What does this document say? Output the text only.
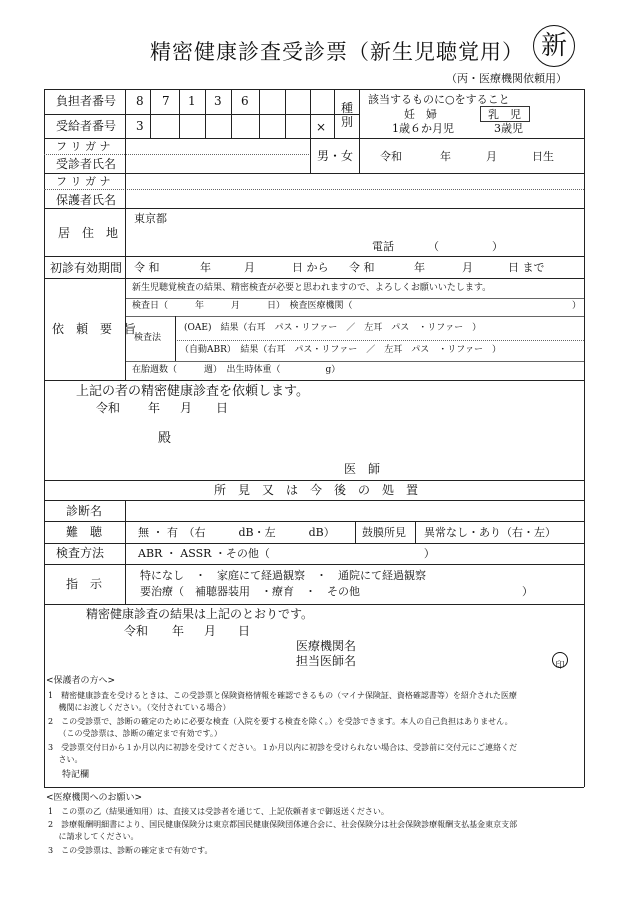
精密健康診査受診票（新生児聴覚用） 新
（丙・医療機関依頼用）
負担者番号 8 7 1 3 6
受給者番号 3	×
種
別
該当するものに○をすること
妊　婦	乳　児
1歳６か月児	3歳児
フ リ ガ ナ
受診者氏名
男・女 令和	年	月	日生
フ リ ガ ナ
保護者氏名
居　住　地
東京都
電話	（	）
初診有効期間 令 和	年	月	日 から 令 和	年	月	日 まで
依　頼　要　旨
新生児聴覚検査の結果、精密検査が必要と思われますので、よろしくお願いいたします。
検査日（　　　年　　　月　　　日）　検査医療機関（	）
検査法
(OAE)　結果（右耳　パス・リファー　／　左耳　パス　・リファー　）
（自動ABR）　結果（右耳　パス・リファー　／　左耳　パス　・リファー　）
在胎週数（　　　週）　出生時体重（　　　　　g）
上記の者の精密健康診査を依頼します。
令和 年 月 日
殿
医　師
所　見　又　は　今　後　の　処　置
診断名
難　聴	無 ・ 有　（右　　　dB・左　　　dB） 鼓膜所見 異常なし・あり（右・左）
検査方法	ABR ・ ASSR ・その他（　　　　　　　　　　　　　　）
指　示
特になし　・　家庭にて経過観察　・　通院にて経過観察
要治療（　補聴器装用　・療育　・　その他	）
精密健康診査の結果は上記のとおりです。
令和 年 月 日
医療機関名
担当医師名	印
<保護者の方へ>
1　精密健康診査を受けるときは、この受診票と保険資格情報を確認できるもの（マイナ保険証、資格確認書等）を紹介された医療
　 機関にお渡しください。（交付されている場合）
2　この受診票で、診断の確定のために必要な検査（入院を要する検査を除く。）を受診できます。本人の自己負担はありません。
　 （この受診票は、診断の確定まで有効です。）
3　受診票交付日から１か月以内に初診を受けてください。１か月以内に初診を受けられない場合は、受診前に交付元にご連絡くだ
　 さい。
特記欄
<医療機関へのお願い>
1　この票の乙（結果通知用）は、直接又は受診者を通じて、上記依頼者まで御返送ください。
2　診療報酬明細書により、国民健康保険分は東京都国民健康保険団体連合会に、社会保険分は社会保険診療報酬支払基金東京支部
　 に請求してください。
3　この受診票は、診断の確定まで有効です。
